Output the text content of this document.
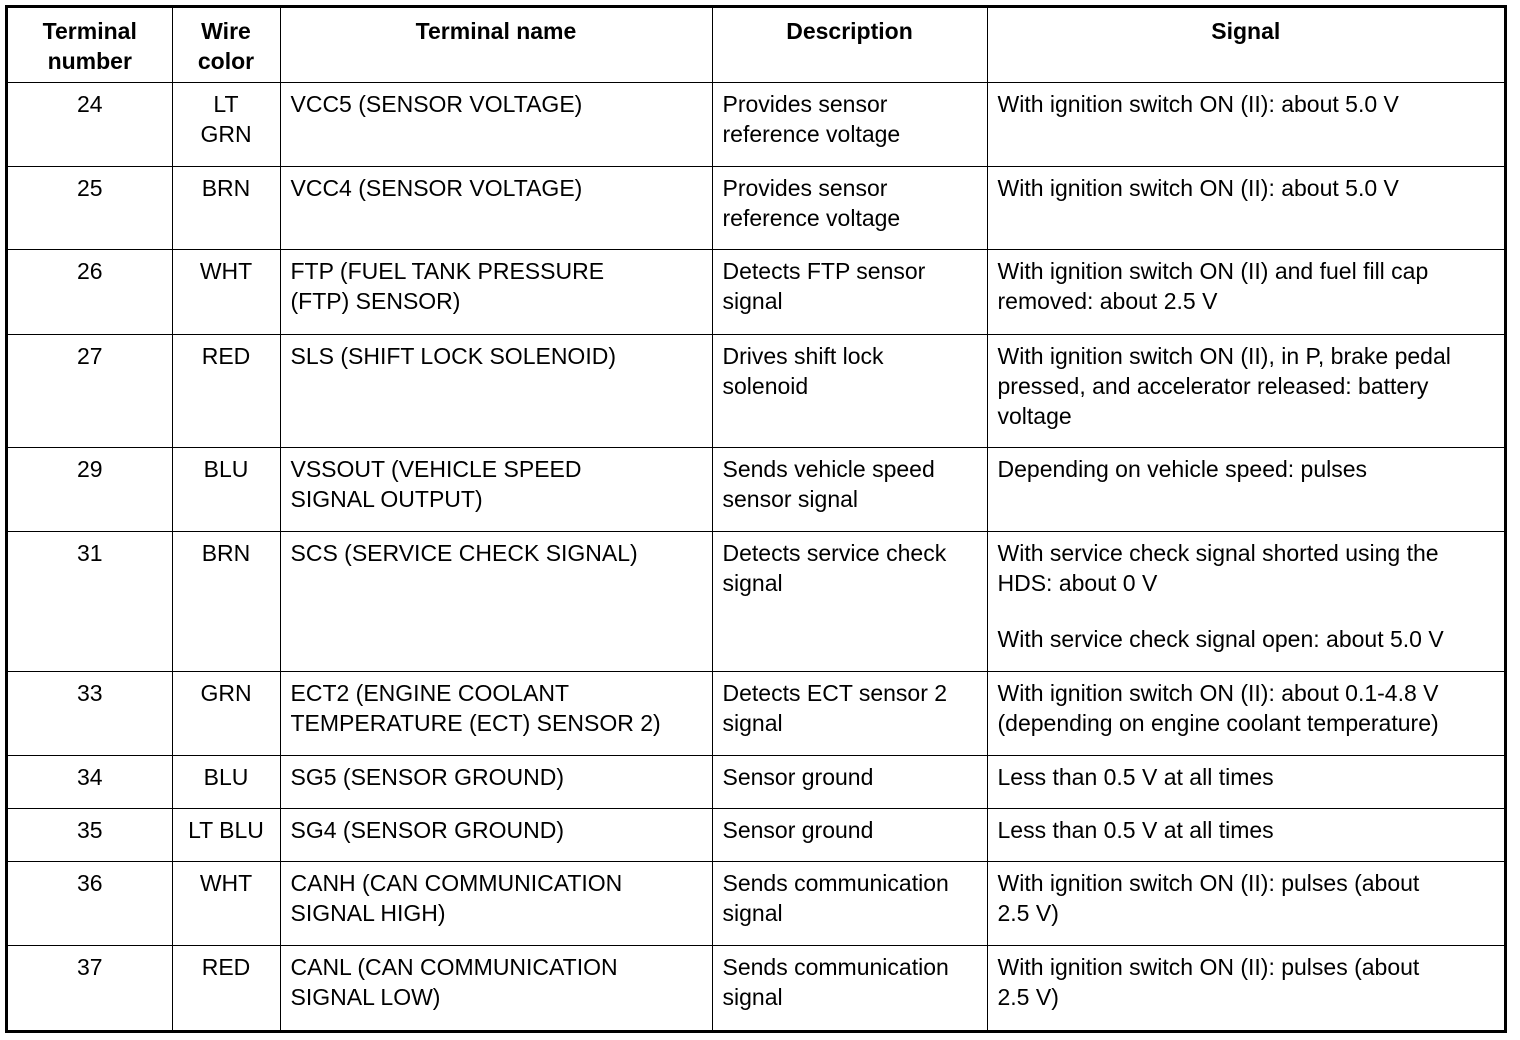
Terminal
number	Wire
color	Terminal name	Description	Signal
24	LT
GRN	VCC5 (SENSOR VOLTAGE)	Provides sensor
reference voltage	With ignition switch ON (II): about 5.0 V

25	BRN	VCC4 (SENSOR VOLTAGE)	Provides sensor
reference voltage	With ignition switch ON (II): about 5.0 V

26	WHT	FTP (FUEL TANK PRESSURE
(FTP) SENSOR)	Detects FTP sensor
signal	With ignition switch ON (II) and fuel fill cap
removed: about 2.5 V

27	RED	SLS (SHIFT LOCK SOLENOID)	Drives shift lock
solenoid	With ignition switch ON (II), in P, brake pedal
pressed, and accelerator released: battery
voltage

29	BLU	VSSOUT (VEHICLE SPEED
SIGNAL OUTPUT)	Sends vehicle speed
sensor signal	Depending on vehicle speed: pulses

31	BRN	SCS (SERVICE CHECK SIGNAL)	Detects service check
signal	With service check signal shorted using the
HDS: about 0 V
With service check signal open: about 5.0 V

33	GRN	ECT2 (ENGINE COOLANT
TEMPERATURE (ECT) SENSOR 2)	Detects ECT sensor 2
signal	With ignition switch ON (II): about 0.1-4.8 V
(depending on engine coolant temperature)

34	BLU	SG5 (SENSOR GROUND)	Sensor ground	Less than 0.5 V at all times

35	LT BLU	SG4 (SENSOR GROUND)	Sensor ground	Less than 0.5 V at all times

36	WHT	CANH (CAN COMMUNICATION
SIGNAL HIGH)	Sends communication
signal	With ignition switch ON (II): pulses (about
2.5 V)

37	RED	CANL (CAN COMMUNICATION
SIGNAL LOW)	Sends communication
signal	With ignition switch ON (II): pulses (about
2.5 V)
